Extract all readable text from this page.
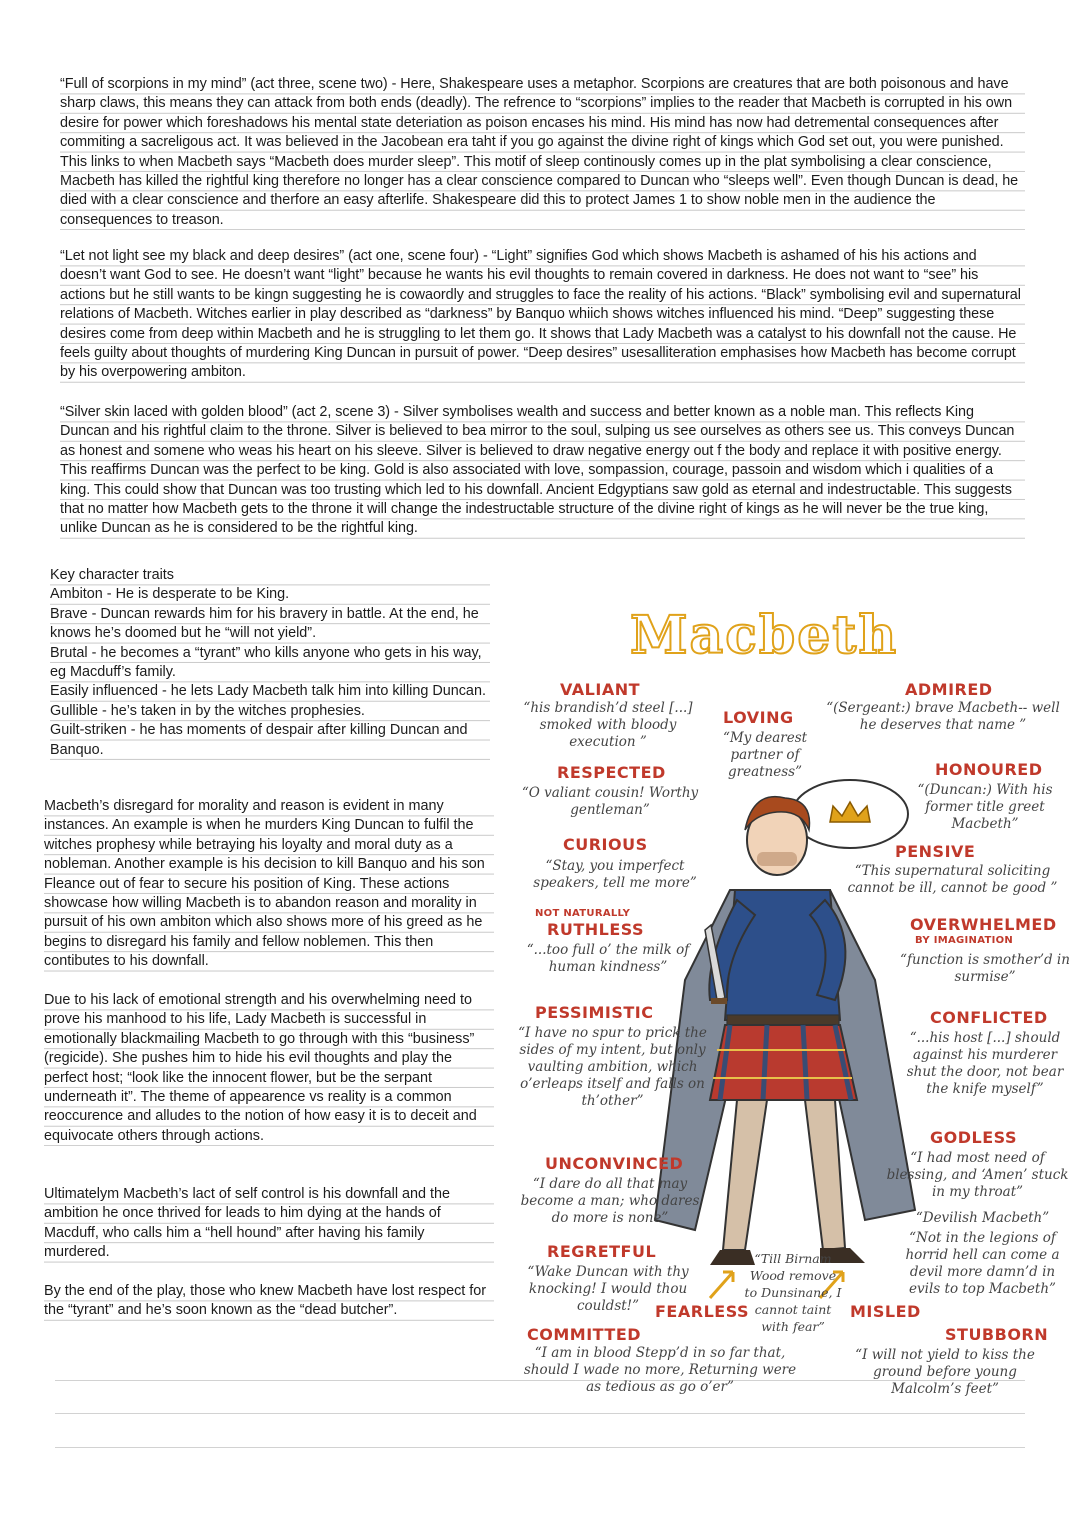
“Full of scorpions in my mind” (act three, scene two) - Here, Shakespeare uses a metaphor. Scorpions are creatures that are both poisonous and have sharp claws, this means they can attack from both ends (deadly). The refrence to “scorpions” implies to the reader that Macbeth is corrupted in his own desire for power which foreshadows his mental state deteriation as poison encases his mind. His mind has now had detremental consequences after commiting a sacreligous act. It was believed in the Jacobean era taht if you go against the divine right of kings which God set out, you were punished. This links to when Macbeth says “Macbeth does murder sleep”. This motif of sleep continously comes up in the plat symbolising a clear conscience, Macbeth has killed the rightful king therefore no longer has a clear conscience compared to Duncan who “sleeps well”. Even though Duncan is dead, he died with a clear conscience and therfore an easy afterlife. Shakespeare did this to protect James 1 to show noble men in the audience the consequences to treason.

“Let not light see my black and deep desires” (act one, scene four) - “Light” signifies God which shows Macbeth is ashamed of his his actions and doesn’t want God to see. He doesn’t want “light” because he wants his evil thoughts to remain covered in darkness. He does not want to “see” his actions but he still wants to be kingn suggesting he is cowaordly and struggles to face the reality of his actions. “Black” symbolising evil and supernatural relations of Macbeth. Witches earlier in play described as “darkness” by Banquo whiich shows witches influenced his mind. “Deep” suggesting these desires come from deep within Macbeth and he is struggling to let them go. It shows that Lady Macbeth was a catalyst to his downfall not the cause. He feels guilty about thoughts of murdering King Duncan in pursuit of power. “Deep desires” usesalliteration emphasises how Macbeth has become corrupt by his overpowering ambiton.

“Silver skin laced with golden blood” (act 2, scene 3) - Silver symbolises wealth and success and better known as a noble man. This reflects King Duncan and his rightful claim to the throne. Silver is believed to bea mirror to the soul, sulping us see ourselves as others see us. This conveys Duncan as honest and somene who weas his heart on his sleeve. Silver is believed to draw negative energy out f the body and replace it with positive energy. This reaffirms Duncan was the perfect to be king. Gold is also associated with love, sompassion, courage, passoin and wisdom which i qualities of a king. This could show that Duncan was too trusting which led to his downfall. Ancient Edgyptians saw gold as eternal and indestructable. This suggests that no matter how Macbeth gets to the throne it will change the indestructable structure of the divine right of kings as he will never be the true king, unlike Duncan as he is considered to be the rightful king.

Key character traits

Ambiton - He is desperate to be King.

Brave - Duncan rewards him for his bravery in battle. At the end, he knows he’s doomed but he “will not yield”.

Brutal - he becomes a “tyrant” who kills anyone who gets in his way, eg Macduff’s family.

Easily influenced - he lets Lady Macbeth talk him into killing Duncan.

Gullible - he’s taken in by the witches prophesies.

Guilt-striken - he has moments of despair after killing Duncan and Banquo.

Macbeth’s disregard for morality and reason is evident in many instances. An example is when he murders King Duncan to fulfil the witches prophesy while betraying his loyalty and moral duty as a nobleman. Another example is his decision to kill Banquo and his son Fleance out of fear to secure his position of King. These actions showcase how willing Macbeth is to abandon reason and morality in pursuit of his own ambiton which also shows more of his greed as he begins to disregard his family and fellow noblemen. This then contibutes to his downfall.

Due to his lack of emotional strength and his overwhelming need to prove his manhood to his life, Lady Macbeth is successful in emotionally blackmailing Macbeth to go through with this “business” (regicide). She pushes him to hide his evil thoughts and play the perfect host; “look like the innocent flower, but be the serpant underneath it”. The theme of appearence vs reality is a common reoccurence and alludes to the notion of how easy it is to deceit and equivocate others through actions.

Ultimatelym Macbeth’s lact of self control is his downfall and the ambition he once thrived for leads to him dying at the hands of Macduff, who calls him a “hell hound” after having his family murdered.

By the end of the play, those who knew Macbeth have lost respect for the “tyrant” and he’s soon known as the “dead butcher”.

Macbeth
VALIANT
“his brandish’d steel [...] smoked with bloody execution ”
LOVING
“My dearest partner of greatness”
ADMIRED
“(Sergeant:) brave Macbeth-- well he deserves that name ”
RESPECTED
“O valiant cousin! Worthy gentleman”
HONOURED
“(Duncan:) With his former title greet Macbeth”
CURIOUS
“Stay, you imperfect speakers, tell me more”
PENSIVE
“This supernatural soliciting cannot be ill, cannot be good ”
NOT NATURALLY
RUTHLESS
“...too full o’ the milk of human kindness”
OVERWHELMED
BY IMAGINATION
“function is smother’d in surmise”
PESSIMISTIC
“I have no spur to prick the sides of my intent, but only vaulting ambition, which o’erleaps itself and falls on th’other”
CONFLICTED
“...his host [...] should against his murderer shut the door, not bear the knife myself”
GODLESS
“I had most need of blessing, and ‘Amen’ stuck in my throat”
UNCONVINCED
“I dare do all that may become a man; who dares do more is none”	“Devilish Macbeth”
“Not in the legions of horrid hell can come a devil more damn’d in evils to top Macbeth”
REGRETFUL
“Wake Duncan with thy knocking! I would thou couldst!”
“Till Birnam Wood remove to Dunsinane, I cannot taint with fear”
FEARLESS	MISLED
COMMITTED
“I am in blood Stepp’d in so far that, should I wade no more, Returning were as tedious as go o’er”
STUBBORN
“I will not yield to kiss the ground before young Malcolm’s feet”
